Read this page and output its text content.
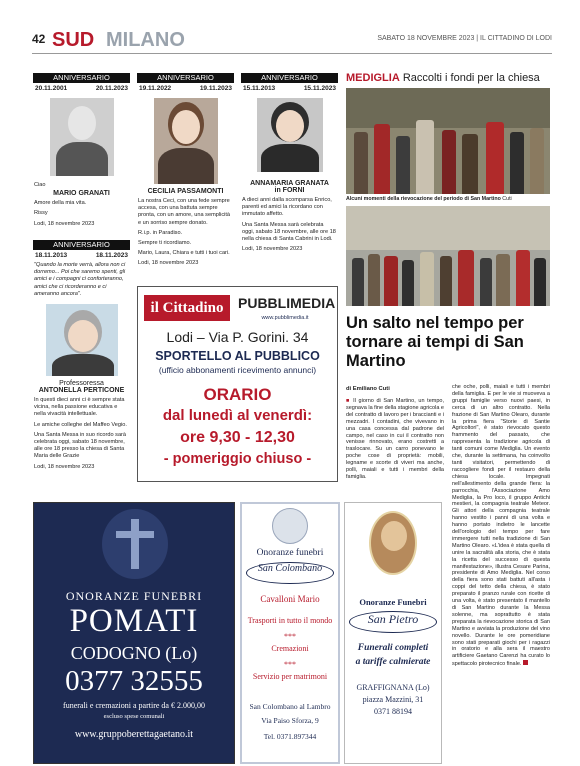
42 SUD MILANO	SABATO 18 NOVEMBRE 2023 | IL CITTADINO DI LODI
ANNIVERSARIO
20.11.2001	20.11.2023
Ciao
MARIO GRANATI
Amore della mia vita.
Rissy
Lodi, 18 novembre 2023
ANNIVERSARIO
18.11.2013	18.11.2023
"Quando la morte verrà, allora non ci dorremo... Poi che saremo spenti, gli amici e i compagni ci conforteranno, amici che ci ricorderanno e ci ameranno ancora".
Professoressa
ANTONELLA PERTICONE
In questi dieci anni ci è sempre stata vicina, nella passione educativa e nella vivacità intellettuale.
Le amiche colleghe del Maffeo Vegio.
Una Santa Messa in suo ricordo sarà celebrata oggi, sabato 18 novembre, alle ore 18 presso la chiesa di Santa Maria delle Grazie
Lodi, 18 novembre 2023
ANNIVERSARIO
19.11.2022	19.11.2023
CECILIA PASSAMONTI
La nostra Ceci, con una fede sempre accesa, con una battuta sempre pronta, con un amore, una semplicità e un sorriso sempre donato.
R.i.p. in Paradiso.
Sempre ti ricordiamo.
Mario, Laura, Chiara e tutti i tuoi cari.
Lodi, 18 novembre 2023
ANNIVERSARIO
15.11.2013	15.11.2023
ANNAMARIA GRANATA
in FORNI
A dieci anni dalla scomparsa Enrico, parenti ed amici la ricordano con immutato affetto.
Una Santa Messa sarà celebrata oggi, sabato 18 novembre, alle ore 18 nella chiesa di Santa Cabrini in Lodi.
Lodi, 18 novembre 2023
il Cittadino	PUBBLIMEDIA
www.pubblimedia.it
Lodi – Via P. Gorini. 34
SPORTELLO AL PUBBLICO
(ufficio abbonamenti ricevimento annunci)
ORARIO
dal lunedì al venerdì:
ore 9,30 - 12,30
- pomeriggio chiuso -
ONORANZE FUNEBRI
POMATI
CODOGNO (Lo)
0377 32555
funerali e cremazioni a partire da € 2.000,00
escluso spese comunali
www.gruppoberettagaetano.it
Onoranze funebri
San Colombano
Cavalloni Mario
Trasporti in tutto il mondo
***
Cremazioni
***
Servizio per matrimoni
San Colombano al Lambro
Via Paiso Sforza, 9
Tel. 0371.897344
Onoranze Funebri
San Pietro
Funerali completi
a tariffe calmierate
GRAFFIGNANA (Lo)
piazza Mazzini, 31
0371 88194
MEDIGLIA Raccolti i fondi per la chiesa
Alcuni momenti della rievocazione del periodo di San Martino Cuti
Un salto nel tempo per tornare ai tempi di San Martino
di Emiliano Cuti
■ Il giorno di San Martino, un tempo, segnava la fine della stagione agricola e del contratto di lavoro per i braccianti e i mezzadri. I contadini, che vivevano in una casa concessa dal padrone del campo, nel caso in cui il contratto non venisse rinnovato, erano costretti a traslocare. Su un carro ponevano le poche cose di proprietà: mobili, legname e scorte di viveri ma anche, polli, maiali e tutti i membri della famiglia.
che oche, polli, maiali e tutti i membri della famiglia. E per le vie si muoveva a gruppi famiglie verso nuovi paesi, in cerca di un altro contratto. Nella frazione di San Martino Olearo, durante la prima fiera "Storie di Santie Agricoltori", è stato rievocato questo frammento del passato, che rappresenta la tradizione agricola di tanti comuni come Mediglia. Un evento che, durante la settimana, ha coinvolto tanti visitatori, permettendo di raccogliere fondi per il restauro della chiesa locale. Impegnati nell'allestimento della grande fiera: la parrocchia, l'Associazione Amo Mediglia, la Pro loco, il gruppo Antichi mestieri, la compagnia teatrale Meteor. Gli attori della compagnia teatrale hanno vestito i panni di una volta e hanno portato indietro le lancette dell'orologio del tempo per fare immergere tutti nella tradizione di San Martino Olearo. «L'idea è stata quella di unire la sacralità alla storia, che è stata la ricetta del successo di questa manifestazione», illustra Cesare Parina, presidente di Amo Mediglia. Nel corso della fiera sono stati battuti all'asta i coppi del tetto della chiesa, è stato preparato il pranzo rurale con ricette di una volta, è stato presentato il mantello di San Martino durante la Messa solenne, ma soprattutto è stata preparata la rievocazione storica di San Martino e avviata la produzione del vino novello. Durante le ore pomeridiane sono stati preparati giochi per i ragazzi in oratorio e alla sera il maestro artificiere Gaetano Carenzi ha curato lo spettacolo pirotecnico finale.
